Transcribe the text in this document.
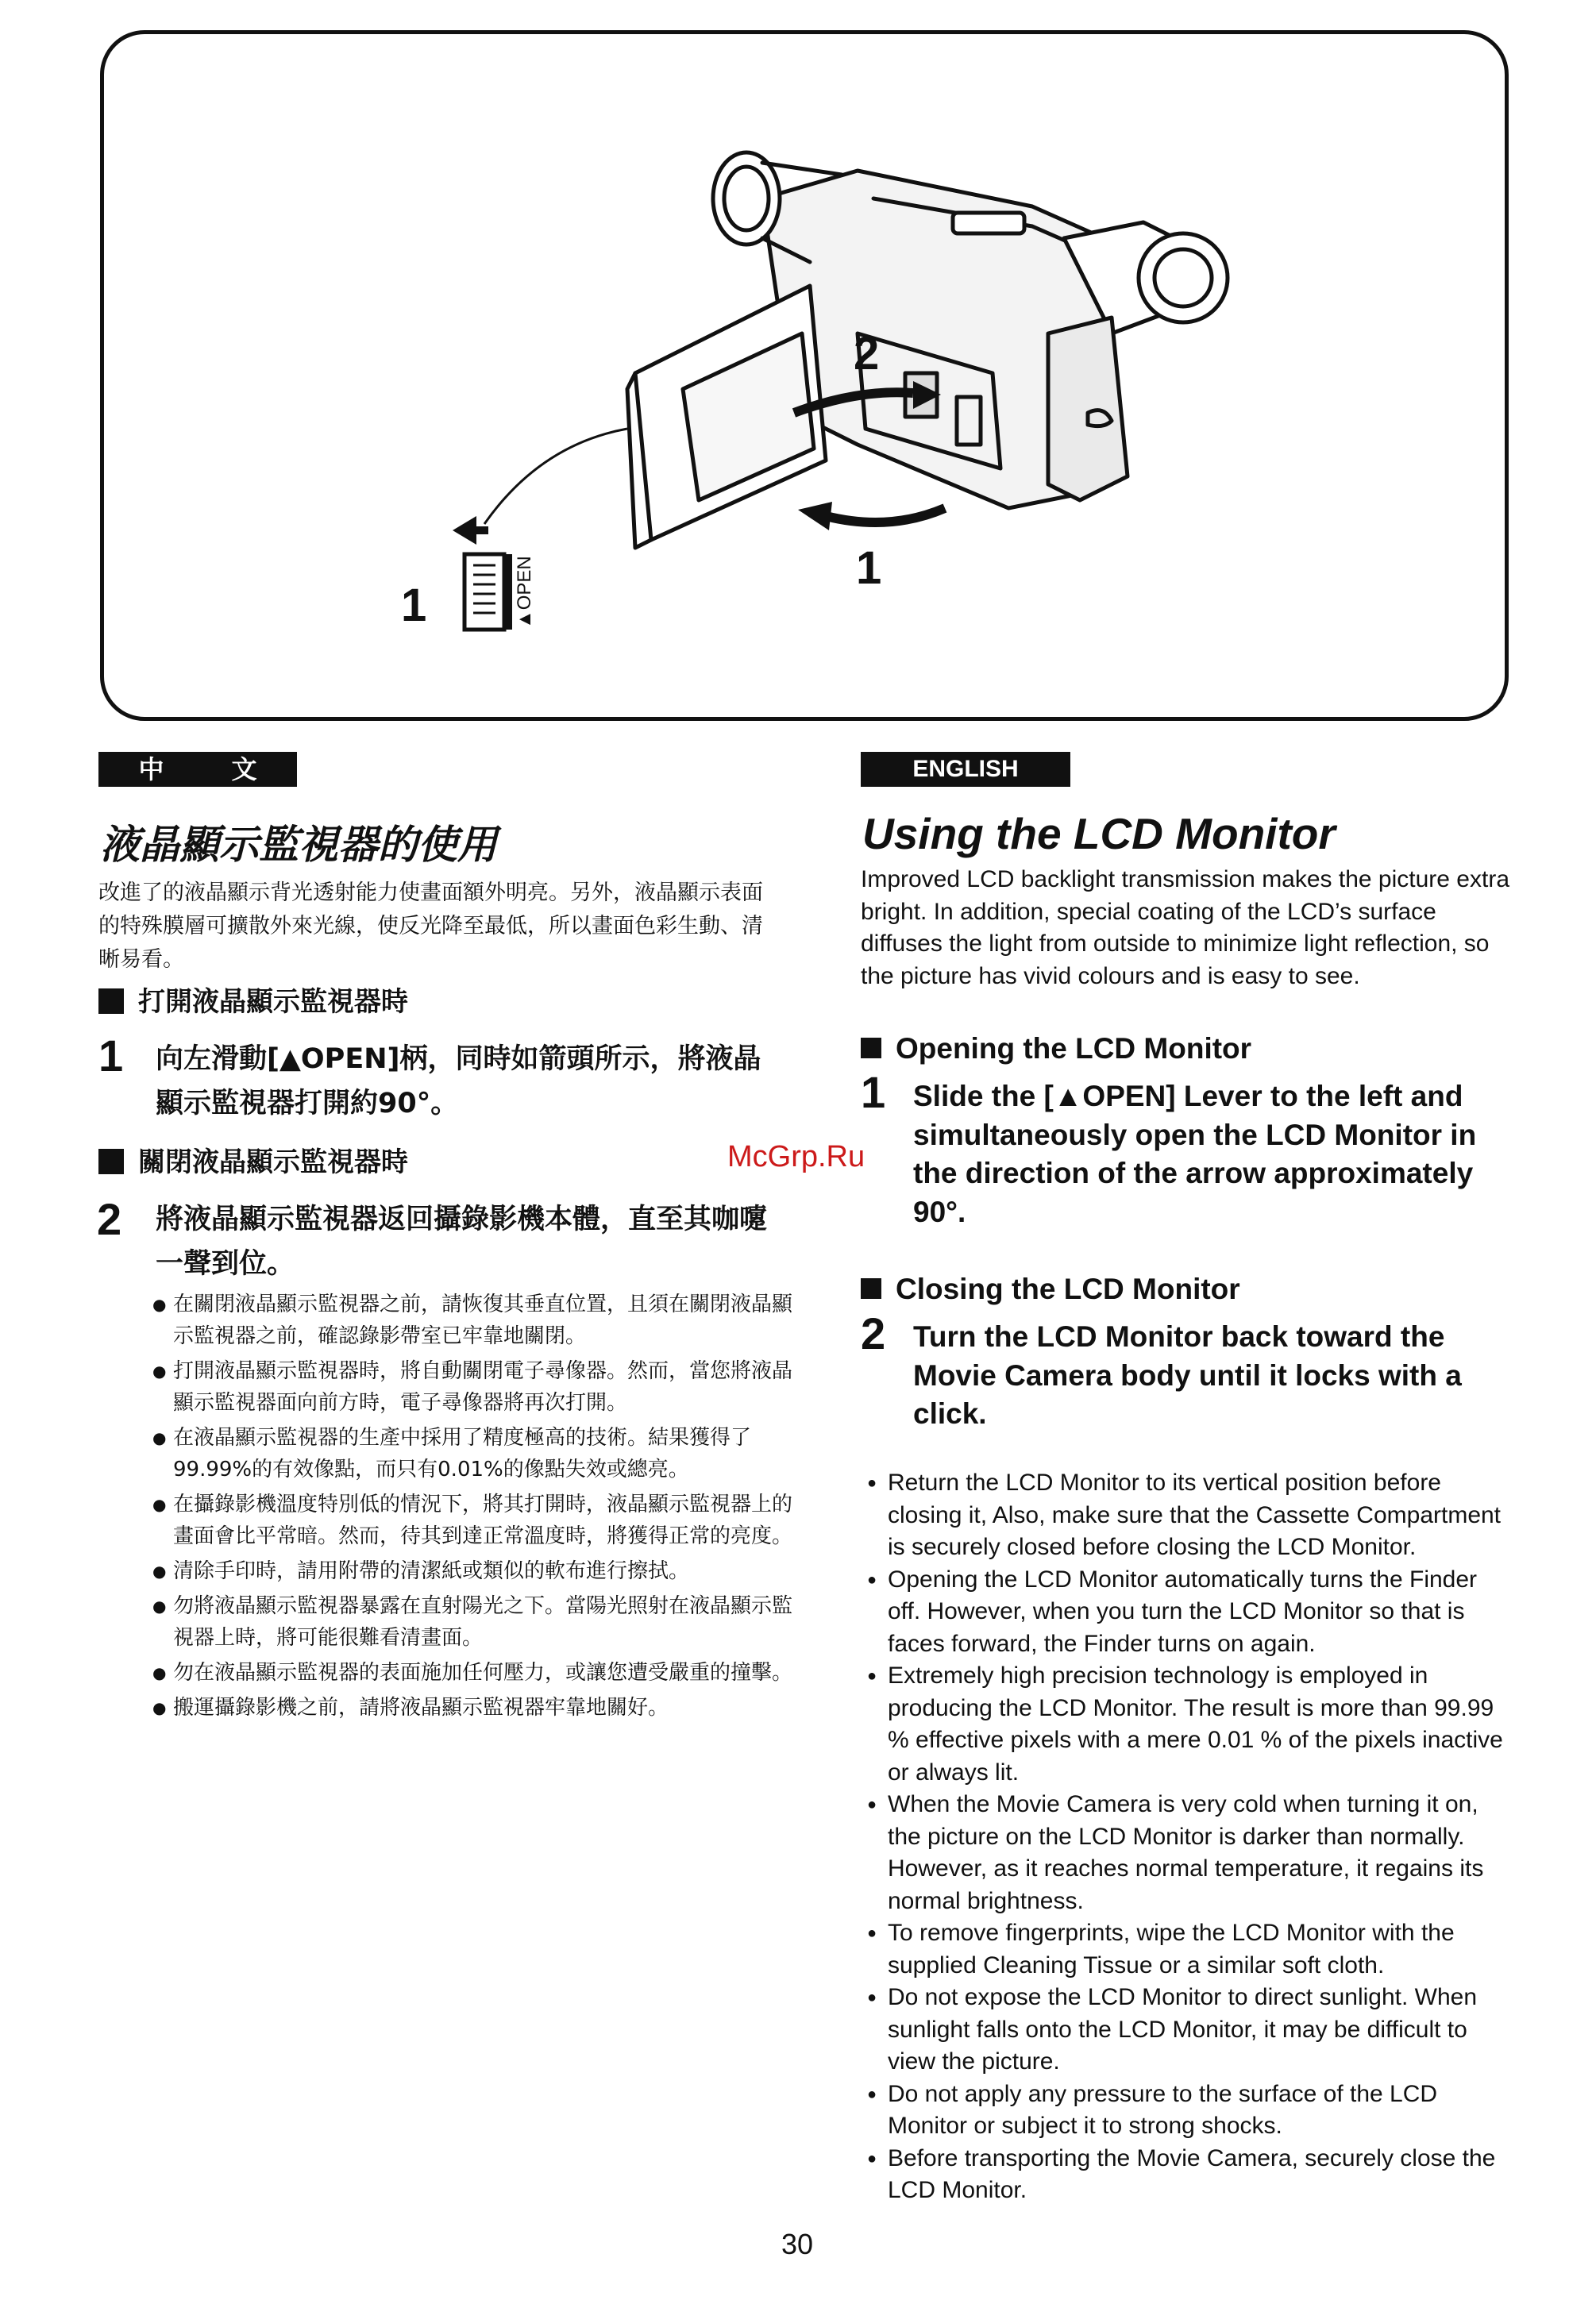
▲OPEN
1
2
1
中 文	ENGLISH
液晶顯示監視器的使用
改進了的液晶顯示背光透射能力使畫面額外明亮。另外，液晶顯示表面的特殊膜層可擴散外來光線，使反光降至最低，所以畫面色彩生動、清晰易看。
打開液晶顯示監視器時
1 向左滑動[▲OPEN]柄，同時如箭頭所示，將液晶顯示監視器打開約90°。
關閉液晶顯示監視器時
2 將液晶顯示監視器返回攝錄影機本體，直至其咖嚔一聲到位。
● 在關閉液晶顯示監視器之前，請恢復其垂直位置，且須在關閉液晶顯示監視器之前，確認錄影帶室已牢靠地關閉。
● 打開液晶顯示監視器時，將自動關閉電子尋像器。然而，當您將液晶顯示監視器面向前方時，電子尋像器將再次打開。
● 在液晶顯示監視器的生產中採用了精度極高的技術。結果獲得了99.99%的有效像點，而只有0.01%的像點失效或總亮。
● 在攝錄影機溫度特別低的情況下，將其打開時，液晶顯示監視器上的畫面會比平常暗。然而，待其到達正常溫度時，將獲得正常的亮度。
● 清除手印時，請用附帶的清潔紙或類似的軟布進行擦拭。
● 勿將液晶顯示監視器暴露在直射陽光之下。當陽光照射在液晶顯示監視器上時，將可能很難看清畫面。
● 勿在液晶顯示監視器的表面施加任何壓力，或讓您遭受嚴重的撞擊。
● 搬運攝錄影機之前，請將液晶顯示監視器牢靠地關好。
McGrp.Ru
Using the LCD Monitor
Improved LCD backlight transmission makes the picture extra bright. In addition, special coating of the LCD’s surface diffuses the light from outside to minimize light reflection, so the picture has vivid colours and is easy to see.
Opening the LCD Monitor
1 Slide the [▲OPEN] Lever to the left and simultaneously open the LCD Monitor in the direction of the arrow approximately 90°.
Closing the LCD Monitor
2 Turn the LCD Monitor back toward the Movie Camera body until it locks with a click.
● Return the LCD Monitor to its vertical position before closing it, Also, make sure that the Cassette Compartment is securely closed before closing the LCD Monitor.
● Opening the LCD Monitor automatically turns the Finder off. However, when you turn the LCD Monitor so that is faces forward, the Finder turns on again.
● Extremely high precision technology is employed in producing the LCD Monitor. The result is more than 99.99 % effective pixels with a mere 0.01 % of the pixels inactive or always lit.
● When the Movie Camera is very cold when turning it on, the picture on the LCD Monitor is darker than normally. However, as it reaches normal temperature, it regains its normal brightness.
● To remove fingerprints, wipe the LCD Monitor with the supplied Cleaning Tissue or a similar soft cloth.
● Do not expose the LCD Monitor to direct sunlight. When sunlight falls onto the LCD Monitor, it may be difficult to view the picture.
● Do not apply any pressure to the surface of the LCD Monitor or subject it to strong shocks.
● Before transporting the Movie Camera, securely close the LCD Monitor.
30
